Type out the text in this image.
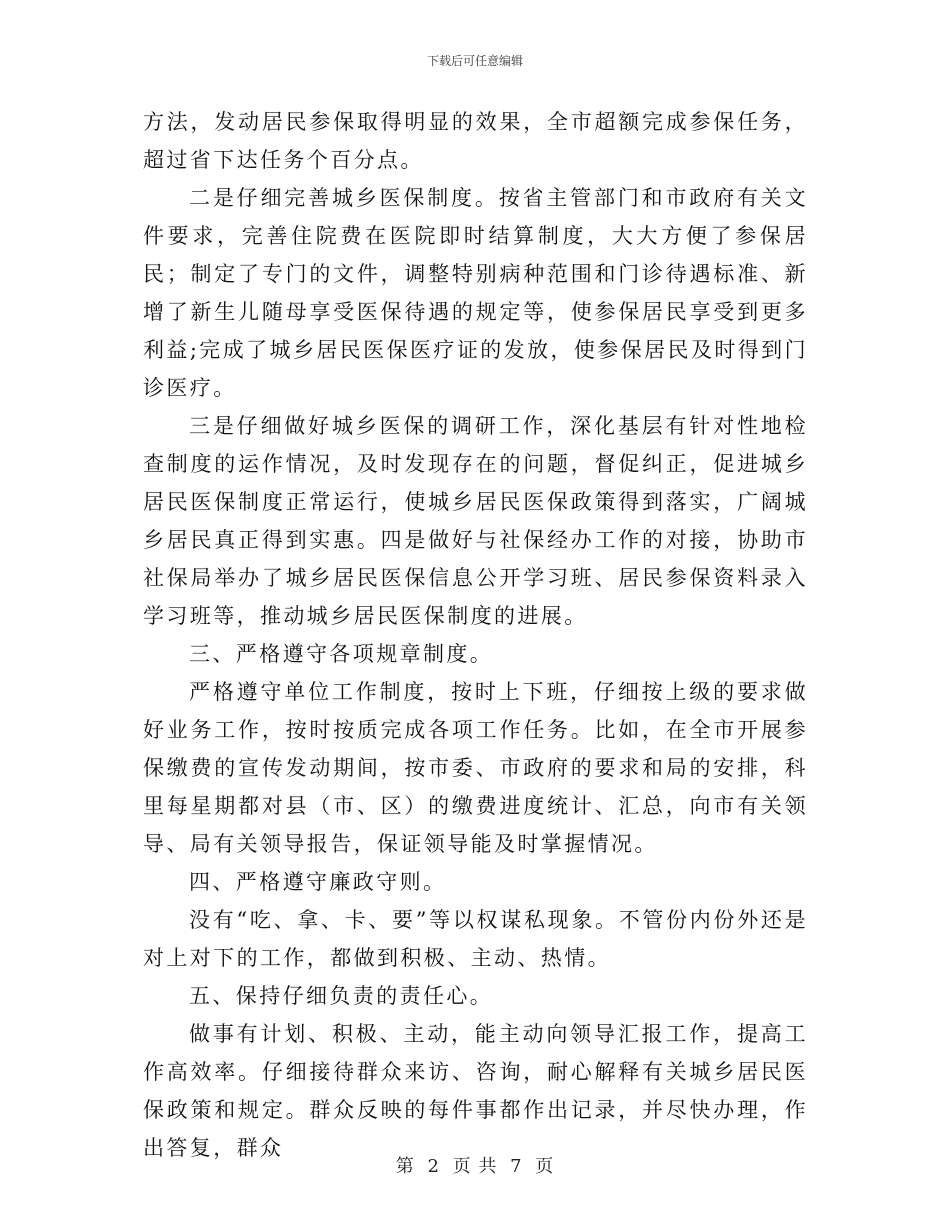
下载后可任意编辑

方法，发动居民参保取得明显的效果，全市超额完成参保任务，超过省下达任务个百分点。

二是仔细完善城乡医保制度。按省主管部门和市政府有关文件要求，完善住院费在医院即时结算制度，大大方便了参保居民；制定了专门的文件，调整特别病种范围和门诊待遇标准、新增了新生儿随母享受医保待遇的规定等，使参保居民享受到更多利益;完成了城乡居民医保医疗证的发放，使参保居民及时得到门诊医疗。

三是仔细做好城乡医保的调研工作，深化基层有针对性地检查制度的运作情况，及时发现存在的问题，督促纠正，促进城乡居民医保制度正常运行，使城乡居民医保政策得到落实，广阔城乡居民真正得到实惠。四是做好与社保经办工作的对接，协助市社保局举办了城乡居民医保信息公开学习班、居民参保资料录入学习班等，推动城乡居民医保制度的进展。

三、严格遵守各项规章制度。

严格遵守单位工作制度，按时上下班，仔细按上级的要求做好业务工作，按时按质完成各项工作任务。比如，在全市开展参保缴费的宣传发动期间，按市委、市政府的要求和局的安排，科里每星期都对县（市、区）的缴费进度统计、汇总，向市有关领导、局有关领导报告，保证领导能及时掌握情况。

四、严格遵守廉政守则。

没有“吃、拿、卡、要”等以权谋私现象。不管份内份外还是对上对下的工作，都做到积极、主动、热情。

五、保持仔细负责的责任心。

做事有计划、积极、主动，能主动向领导汇报工作，提高工作高效率。仔细接待群众来访、咨询，耐心解释有关城乡居民医保政策和规定。群众反映的每件事都作出记录，并尽快办理，作出答复，群众

第 2 页 共 7 页
